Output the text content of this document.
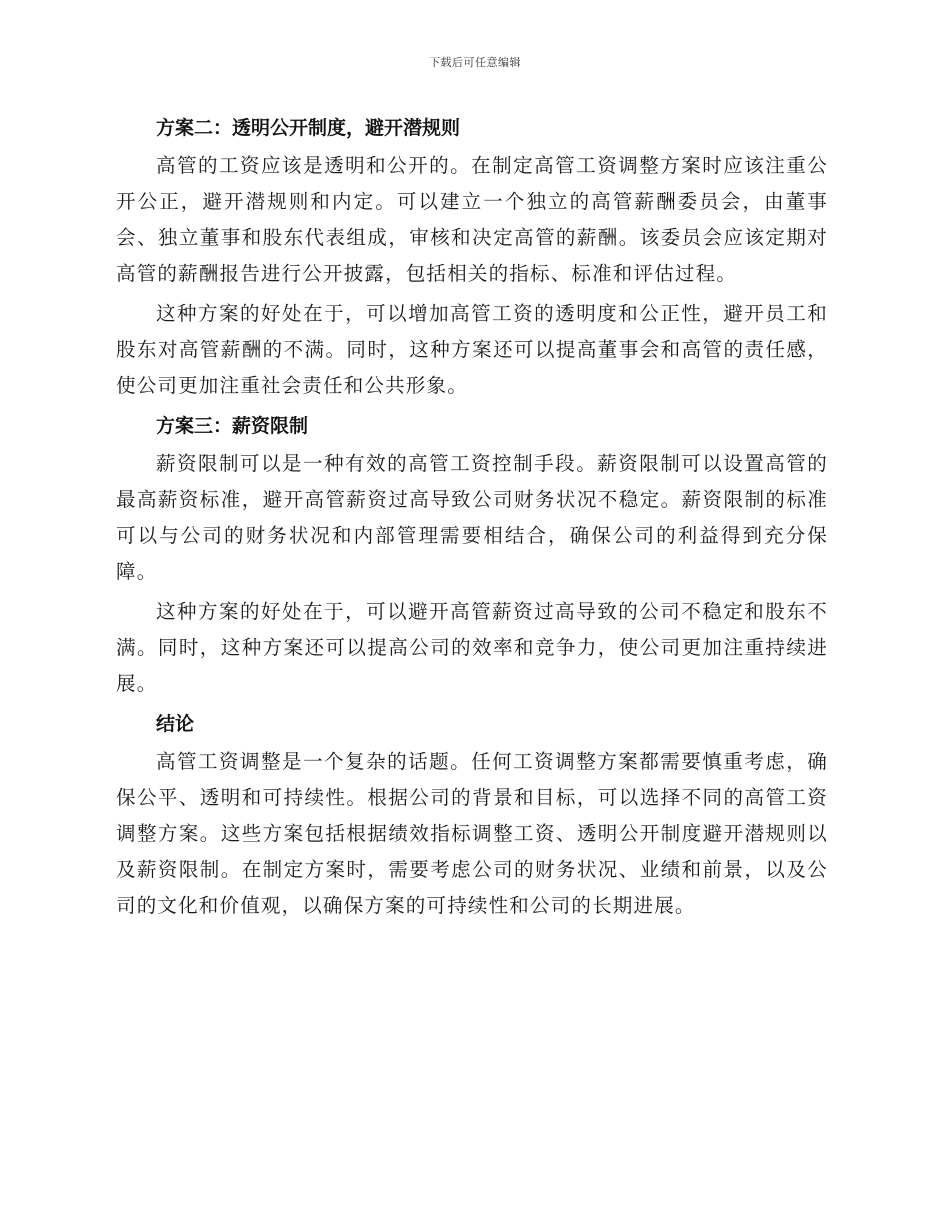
下载后可任意编辑
方案二：透明公开制度，避开潜规则

高管的工资应该是透明和公开的。在制定高管工资调整方案时应该注重公开公正，避开潜规则和内定。可以建立一个独立的高管薪酬委员会，由董事会、独立董事和股东代表组成，审核和决定高管的薪酬。该委员会应该定期对高管的薪酬报告进行公开披露，包括相关的指标、标准和评估过程。

这种方案的好处在于，可以增加高管工资的透明度和公正性，避开员工和股东对高管薪酬的不满。同时，这种方案还可以提高董事会和高管的责任感，使公司更加注重社会责任和公共形象。

方案三：薪资限制

薪资限制可以是一种有效的高管工资控制手段。薪资限制可以设置高管的最高薪资标准，避开高管薪资过高导致公司财务状况不稳定。薪资限制的标准可以与公司的财务状况和内部管理需要相结合，确保公司的利益得到充分保障。

这种方案的好处在于，可以避开高管薪资过高导致的公司不稳定和股东不满。同时，这种方案还可以提高公司的效率和竞争力，使公司更加注重持续进展。

结论

高管工资调整是一个复杂的话题。任何工资调整方案都需要慎重考虑，确保公平、透明和可持续性。根据公司的背景和目标，可以选择不同的高管工资调整方案。这些方案包括根据绩效指标调整工资、透明公开制度避开潜规则以及薪资限制。在制定方案时，需要考虑公司的财务状况、业绩和前景，以及公司的文化和价值观，以确保方案的可持续性和公司的长期进展。
